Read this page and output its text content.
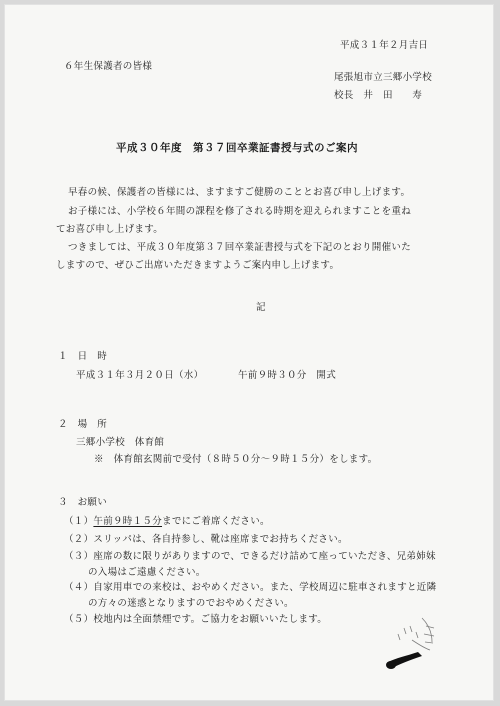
平成３１年２月吉日
６年生保護者の皆様
尾張旭市立三郷小学校
校長　井　田　　寿
平成３０年度　第３７回卒業証書授与式のご案内
早春の候、保護者の皆様には、ますますご健勝のこととお喜び申し上げます。
お子様には、小学校６年間の課程を修了される時期を迎えられますことを重ね
てお喜び申し上げます。
つきましては、平成３０年度第３７回卒業証書授与式を下記のとおり開催いた
しますので、ぜひご出席いただきますようご案内申し上げます。
記
１　日　時
平成３１年３月２０日（水）	午前９時３０分　開式
２　場　所
三郷小学校　体育館
※　体育館玄関前で受付（８時５０分～９時１５分）をします。
３　お願い
（１）午前９時１５分までにご着席ください。
（２）スリッパは、各自持参し、靴は座席までお持ちください。
（３）座席の数に限りがありますので、できるだけ詰めて座っていただき、兄弟姉妹
の入場はご遠慮ください。
（４）自家用車での来校は、おやめください。また、学校周辺に駐車されますと近隣
の方々の迷惑となりますのでおやめください。
（５）校地内は全面禁煙です。ご協力をお願いいたします。
